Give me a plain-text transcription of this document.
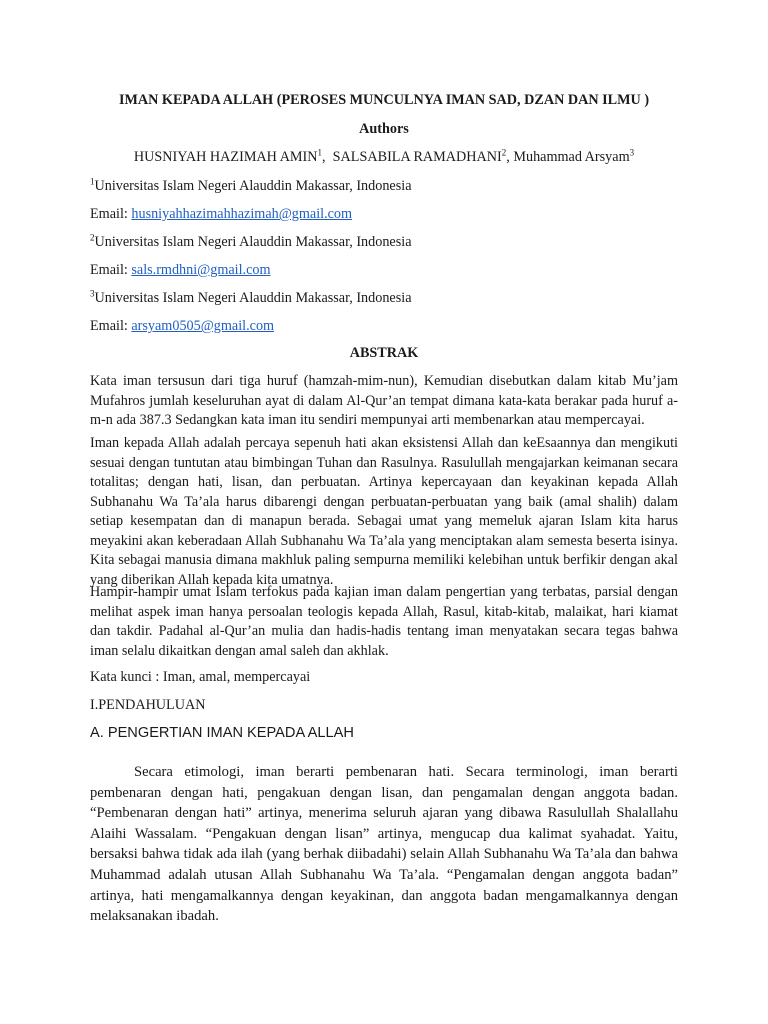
IMAN KEPADA ALLAH (PEROSES MUNCULNYA IMAN SAD, DZAN DAN ILMU )
Authors
HUSNIYAH HAZIMAH AMIN$^1$,  SALSABILA RAMADHANI$^2$, Muhammad Arsyam$^3$
$^1$Universitas Islam Negeri Alauddin Makassar, Indonesia
Email: husniyahhazimahhazimah@gmail.com
$^2$Universitas Islam Negeri Alauddin Makassar, Indonesia
Email: sals.rmdhni@gmail.com
$^3$Universitas Islam Negeri Alauddin Makassar, Indonesia
Email: arsyam0505@gmail.com
ABSTRAK
Kata iman tersusun dari tiga huruf (hamzah-mim-nun), Kemudian disebutkan dalam kitab Mu’jam Mufahros jumlah keseluruhan ayat di dalam Al-Qur’an tempat dimana kata-kata berakar pada huruf a-m-n ada 387.3 Sedangkan kata iman itu sendiri mempunyai arti membenarkan atau mempercayai.
Iman kepada Allah adalah percaya sepenuh hati akan eksistensi Allah dan keEsaannya dan mengikuti sesuai dengan tuntutan atau bimbingan Tuhan dan Rasulnya. Rasulullah mengajarkan keimanan secara totalitas; dengan hati, lisan, dan perbuatan. Artinya kepercayaan dan keyakinan kepada Allah Subhanahu Wa Ta’ala harus dibarengi dengan perbuatan-perbuatan yang baik (amal shalih) dalam setiap kesempatan dan di manapun berada. Sebagai umat yang memeluk ajaran Islam kita harus meyakini akan keberadaan Allah Subhanahu Wa Ta’ala yang menciptakan alam semesta beserta isinya. Kita sebagai manusia dimana makhluk paling sempurna memiliki kelebihan untuk berfikir dengan akal yang diberikan Allah kepada kita umatnya.
Hampir-hampir umat Islam terfokus pada kajian iman dalam pengertian yang terbatas, parsial dengan melihat aspek iman hanya persoalan teologis kepada Allah, Rasul, kitab-kitab, malaikat, hari kiamat dan takdir. Padahal al-Qur’an mulia dan hadis-hadis tentang iman menyatakan secara tegas bahwa iman selalu dikaitkan dengan amal saleh dan akhlak.
Kata kunci : Iman, amal, mempercayai
I.PENDAHULUAN
A. PENGERTIAN IMAN KEPADA ALLAH
Secara etimologi, iman berarti pembenaran hati. Secara terminologi, iman berarti pembenaran dengan hati, pengakuan dengan lisan, dan pengamalan dengan anggota badan. “Pembenaran dengan hati” artinya, menerima seluruh ajaran yang dibawa Rasulullah Shalallahu Alaihi Wassalam. “Pengakuan dengan lisan” artinya, mengucap dua kalimat syahadat. Yaitu, bersaksi bahwa tidak ada ilah (yang berhak diibadahi) selain Allah Subhanahu Wa Ta’ala dan bahwa Muhammad adalah utusan Allah Subhanahu Wa Ta’ala. “Pengamalan dengan anggota badan” artinya, hati mengamalkannya dengan keyakinan, dan anggota badan mengamalkannya dengan melaksanakan ibadah.
